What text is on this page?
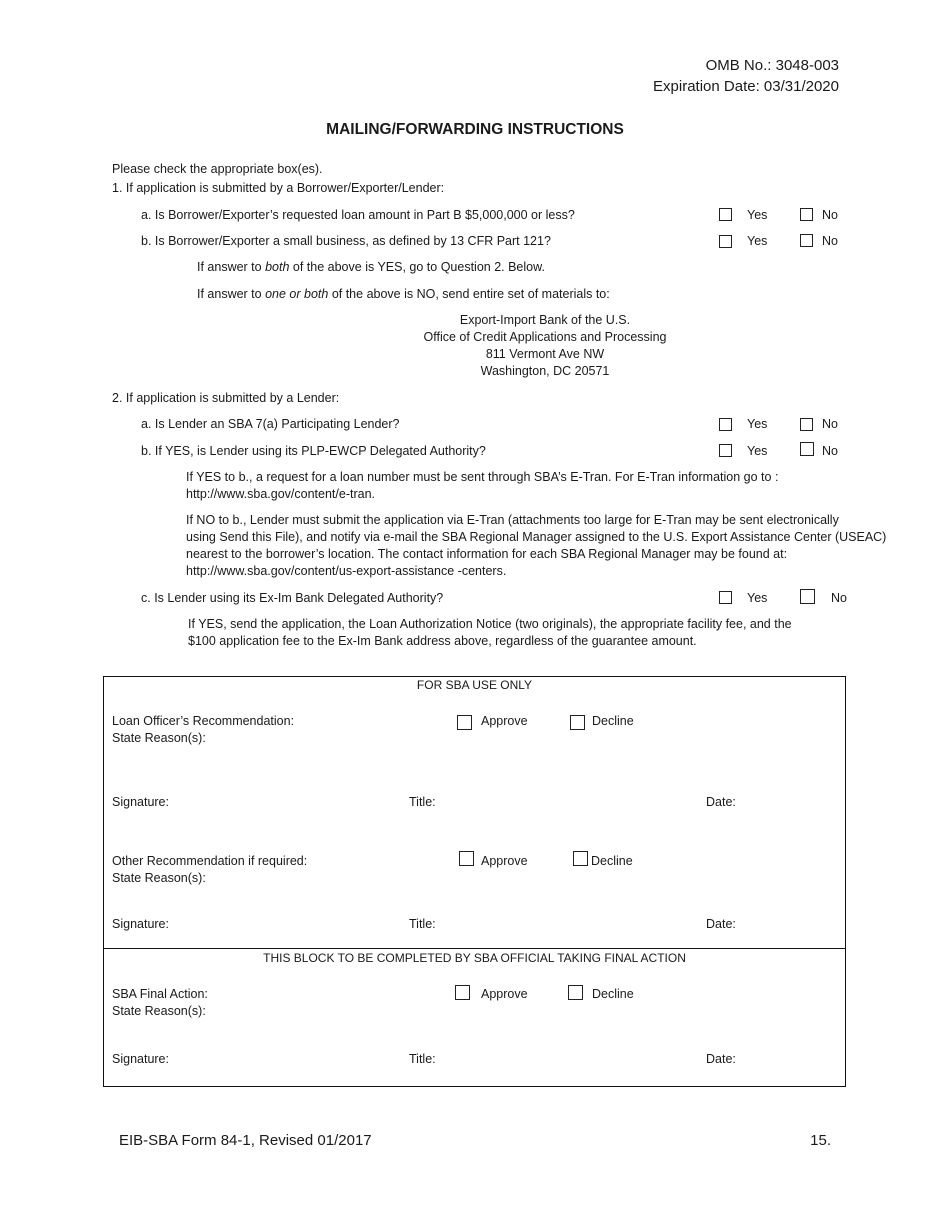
OMB No.: 3048-003
Expiration Date: 03/31/2020
MAILING/FORWARDING INSTRUCTIONS
Please check the appropriate box(es).
1. If application is submitted by a Borrower/Exporter/Lender:
a. Is Borrower/Exporter’s requested loan amount in Part B $5,000,000 or less?	Yes	No
b. Is Borrower/Exporter a small business, as defined by 13 CFR Part 121?	Yes	No
If answer to both of the above is YES, go to Question 2. Below.
If answer to one or both of the above is NO, send entire set of materials to:
Export-Import Bank of the U.S.
Office of Credit Applications and Processing
811 Vermont Ave NW
Washington, DC 20571
2. If application is submitted by a Lender:
a. Is Lender an SBA 7(a) Participating Lender?	Yes	No
b. If YES, is Lender using its PLP-EWCP Delegated Authority?	Yes	No
If YES to b., a request for a loan number must be sent through SBA’s E-Tran. For E-Tran information go to :
http://www.sba.gov/content/e-tran.
If NO to b., Lender must submit the application via E-Tran (attachments too large for E-Tran may be sent electronically
using Send this File), and notify via e-mail the SBA Regional Manager assigned to the U.S. Export Assistance Center (USEAC)
nearest to the borrower’s location. The contact information for each SBA Regional Manager may be found at:
http://www.sba.gov/content/us-export-assistance -centers.
c. Is Lender using its Ex-Im Bank Delegated Authority?	Yes	No
If YES, send the application, the Loan Authorization Notice (two originals), the appropriate facility fee, and the
$100 application fee to the Ex-Im Bank address above, regardless of the guarantee amount.
FOR SBA USE ONLY
Loan Officer’s Recommendation:
State Reason(s):
Approve	Decline
Signature:	Title:	Date:
Other Recommendation if required:
State Reason(s):
Approve	Decline
Signature:	Title:	Date:
THIS BLOCK TO BE COMPLETED BY SBA OFFICIAL TAKING FINAL ACTION
SBA Final Action:
State Reason(s):
Approve	Decline
Signature:	Title:	Date:
EIB-SBA Form 84-1, Revised 01/2017	15.
